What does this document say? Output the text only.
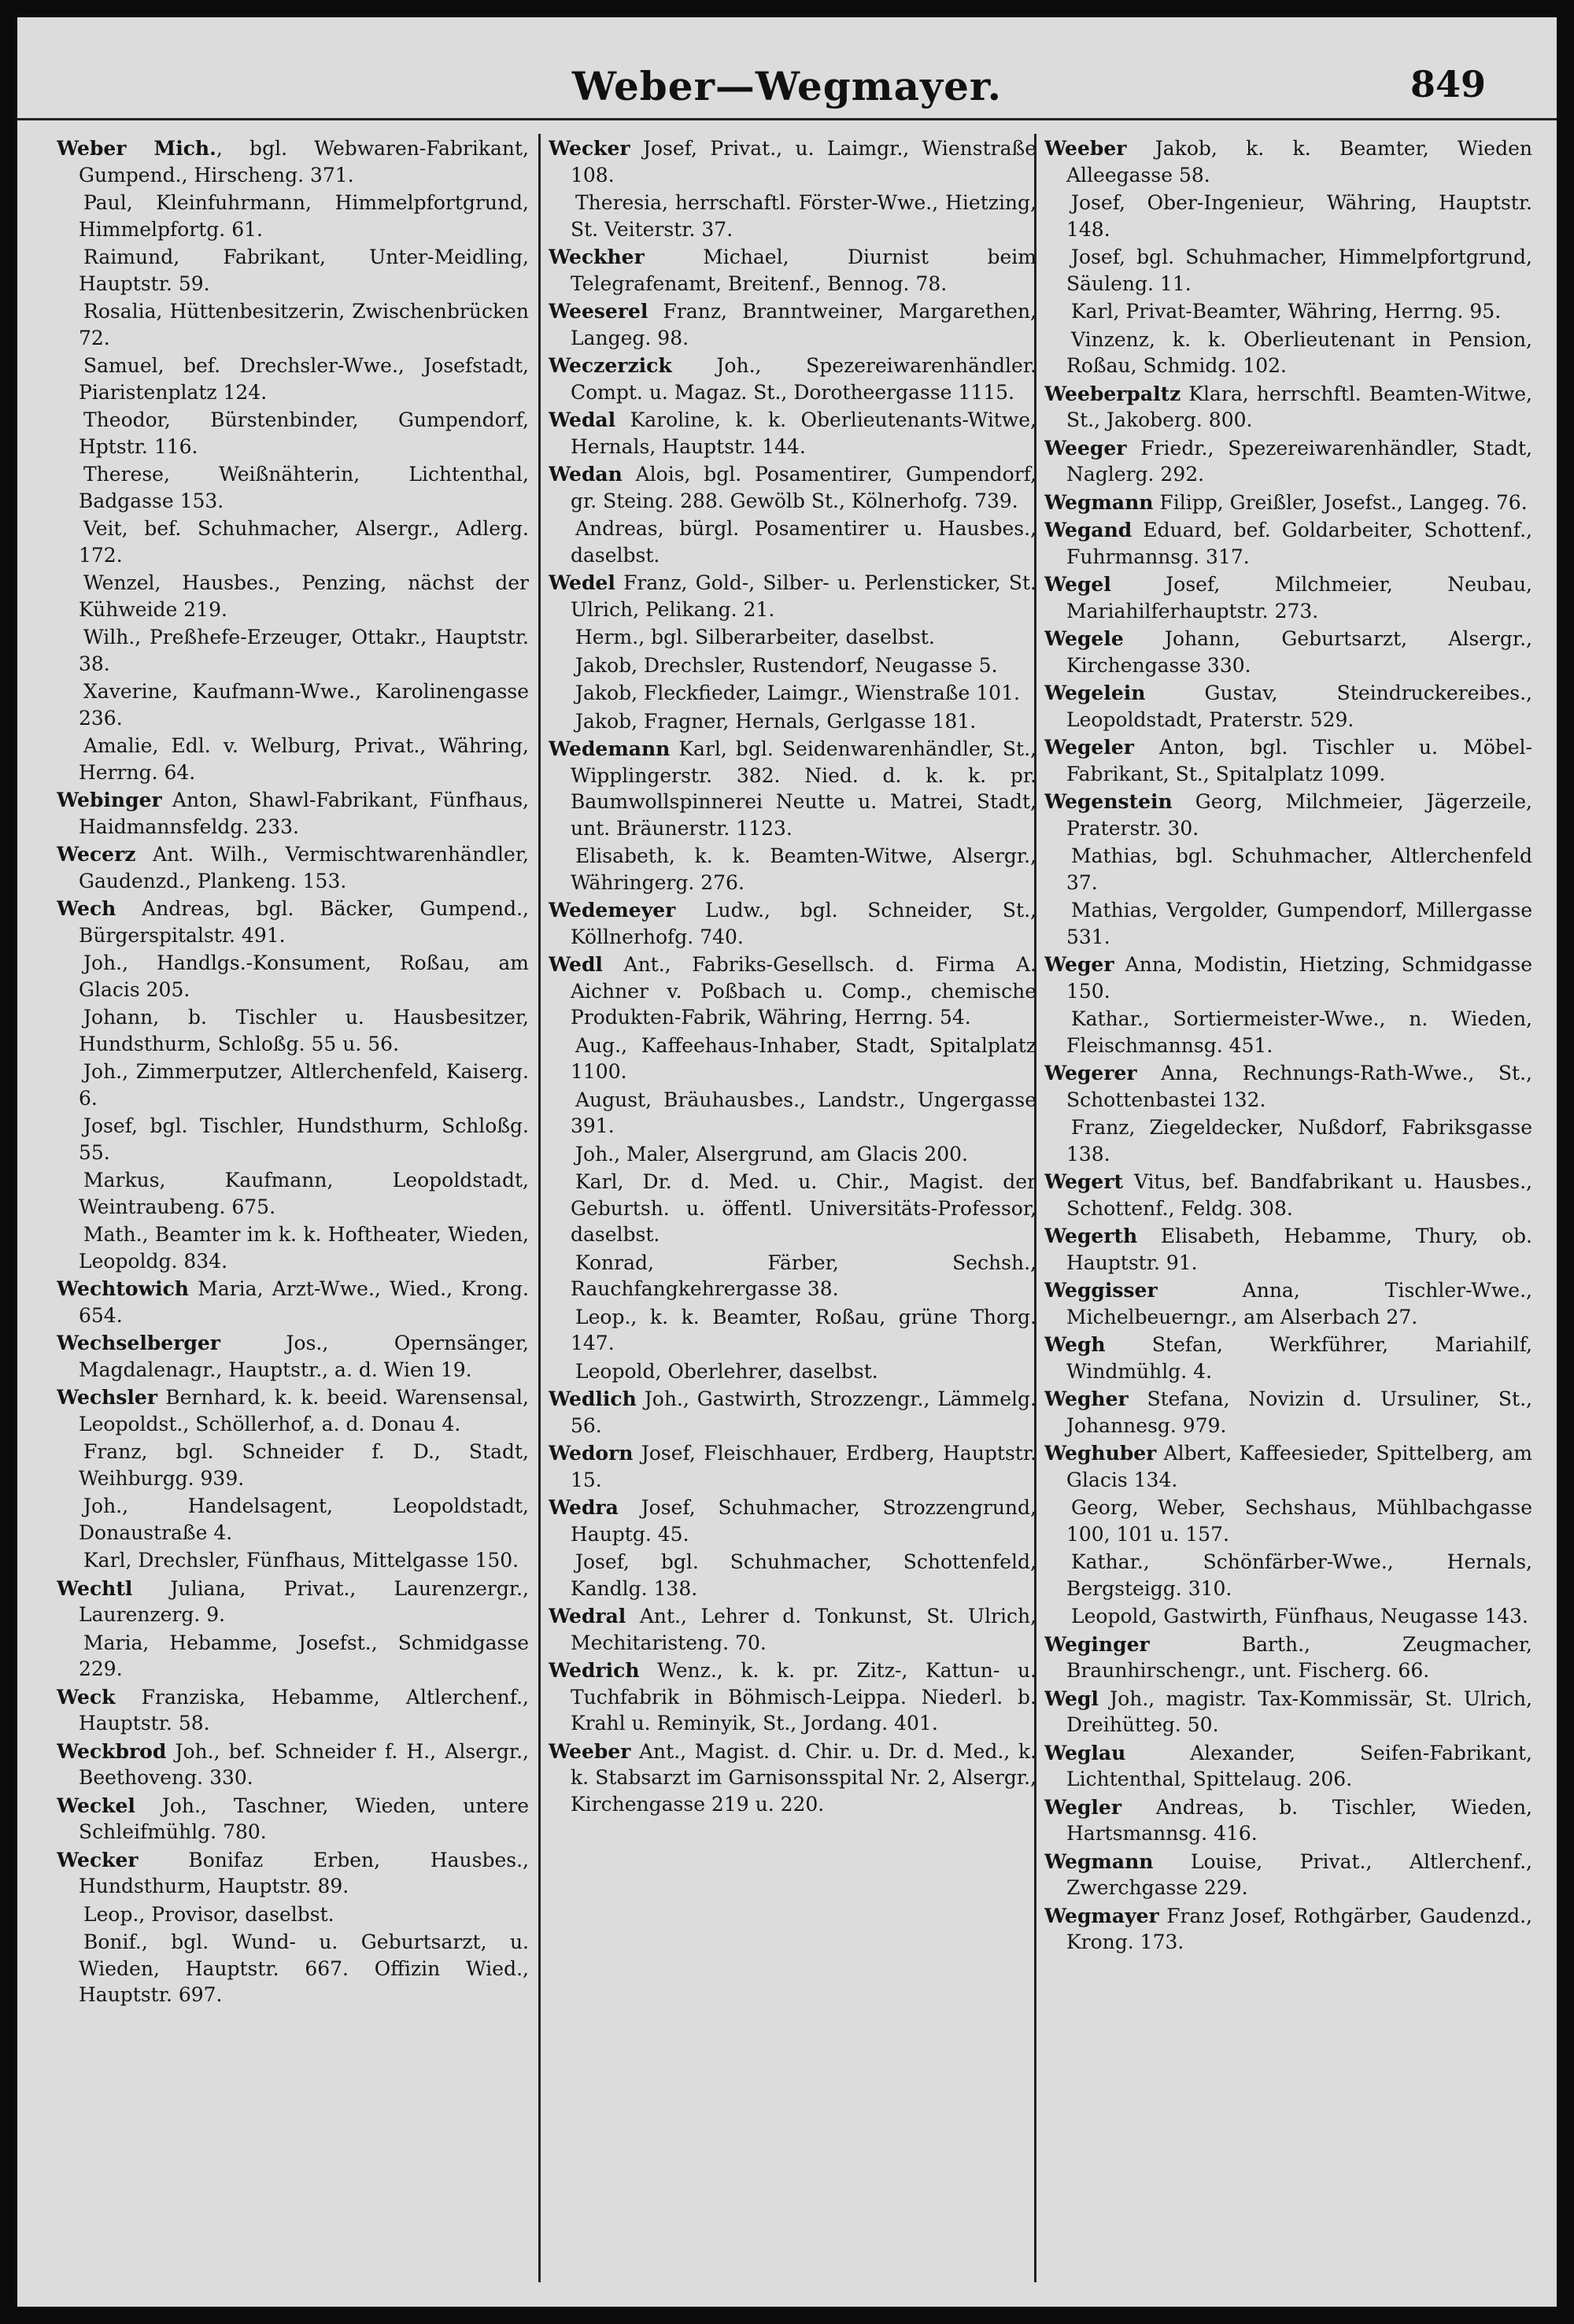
Weber—Wegmayer.	849
Weber Mich., bgl. Webwaren-Fabrikant, Gumpend., Hirscheng. 371.
Paul, Kleinfuhrmann, Himmelpfortgrund, Himmelpfortg. 61.
Raimund, Fabrikant, Unter-Meidling, Hauptstr. 59.
Rosalia, Hüttenbesitzerin, Zwischenbrücken 72.
Samuel, bef. Drechsler-Wwe., Josefstadt, Piaristenplatz 124.
Theodor, Bürstenbinder, Gumpendorf, Hptstr. 116.
Therese, Weißnähterin, Lichtenthal, Badgasse 153.
Veit, bef. Schuhmacher, Alsergr., Adlerg. 172.
Wenzel, Hausbes., Penzing, nächst der Kühweide 219.
Wilh., Preßhefe-Erzeuger, Ottakr., Hauptstr. 38.
Xaverine, Kaufmann-Wwe., Karolinengasse 236.
Amalie, Edl. v. Welburg, Privat., Währing, Herrng. 64.
Webinger Anton, Shawl-Fabrikant, Fünfhaus, Haidmannsfeldg. 233.
Wecerz Ant. Wilh., Vermischtwarenhändler, Gaudenzd., Plankeng. 153.
Wech Andreas, bgl. Bäcker, Gumpend., Bürgerspitalstr. 491.
Joh., Handlgs.-Konsument, Roßau, am Glacis 205.
Johann, b. Tischler u. Hausbesitzer, Hundsthurm, Schloßg. 55 u. 56.
Joh., Zimmerputzer, Altlerchenfeld, Kaiserg. 6.
Josef, bgl. Tischler, Hundsthurm, Schloßg. 55.
Markus, Kaufmann, Leopoldstadt, Weintraubeng. 675.
Math., Beamter im k. k. Hoftheater, Wieden, Leopoldg. 834.
Wechtowich Maria, Arzt-Wwe., Wied., Krong. 654.
Wechselberger Jos., Opernsänger, Magdalenagr., Hauptstr., a. d. Wien 19.
Wechsler Bernhard, k. k. beeid. Warensensal, Leopoldst., Schöllerhof, a. d. Donau 4.
Franz, bgl. Schneider f. D., Stadt, Weihburgg. 939.
Joh., Handelsagent, Leopoldstadt, Donaustraße 4.
Karl, Drechsler, Fünfhaus, Mittelgasse 150.
Wechtl Juliana, Privat., Laurenzergr., Laurenzerg. 9.
Maria, Hebamme, Josefst., Schmidgasse 229.
Weck Franziska, Hebamme, Altlerchenf., Hauptstr. 58.
Weckbrod Joh., bef. Schneider f. H., Alsergr., Beethoveng. 330.
Weckel Joh., Taschner, Wieden, untere Schleifmühlg. 780.
Wecker Bonifaz Erben, Hausbes., Hundsthurm, Hauptstr. 89.
Leop., Provisor, daselbst.
Bonif., bgl. Wund- u. Geburtsarzt, u. Wieden, Hauptstr. 667. Offizin Wied., Hauptstr. 697.
Wecker Josef, Privat., u. Laimgr., Wienstraße 108.
Theresia, herrschaftl. Förster-Wwe., Hietzing, St. Veiterstr. 37.
Weckher Michael, Diurnist beim Telegrafenamt, Breitenf., Bennog. 78.
Weeserel Franz, Branntweiner, Margarethen, Langeg. 98.
Weczerzick Joh., Spezereiwarenhändler. Compt. u. Magaz. St., Dorotheergasse 1115.
Wedal Karoline, k. k. Oberlieutenants-Witwe, Hernals, Hauptstr. 144.
Wedan Alois, bgl. Posamentirer, Gumpendorf, gr. Steing. 288. Gewölb St., Kölnerhofg. 739.
Andreas, bürgl. Posamentirer u. Hausbes., daselbst.
Wedel Franz, Gold-, Silber- u. Perlensticker, St. Ulrich, Pelikang. 21.
Herm., bgl. Silberarbeiter, daselbst.
Jakob, Drechsler, Rustendorf, Neugasse 5.
Jakob, Fleckfieder, Laimgr., Wienstraße 101.
Jakob, Fragner, Hernals, Gerlgasse 181.
Wedemann Karl, bgl. Seidenwarenhändler, St., Wipplingerstr. 382. Nied. d. k. k. pr. Baumwollspinnerei Neutte u. Matrei, Stadt, unt. Bräunerstr. 1123.
Elisabeth, k. k. Beamten-Witwe, Alsergr., Währingerg. 276.
Wedemeyer Ludw., bgl. Schneider, St., Köllnerhofg. 740.
Wedl Ant., Fabriks-Gesellsch. d. Firma A. Aichner v. Poßbach u. Comp., chemische Produkten-Fabrik, Währing, Herrng. 54.
Aug., Kaffeehaus-Inhaber, Stadt, Spitalplatz 1100.
August, Bräuhausbes., Landstr., Ungergasse 391.
Joh., Maler, Alsergrund, am Glacis 200.
Karl, Dr. d. Med. u. Chir., Magist. der Geburtsh. u. öffentl. Universitäts-Professor, daselbst.
Konrad, Färber, Sechsh., Rauchfangkehrergasse 38.
Leop., k. k. Beamter, Roßau, grüne Thorg. 147.
Leopold, Oberlehrer, daselbst.
Wedlich Joh., Gastwirth, Strozzengr., Lämmelg. 56.
Wedorn Josef, Fleischhauer, Erdberg, Hauptstr. 15.
Wedra Josef, Schuhmacher, Strozzengrund, Hauptg. 45.
Josef, bgl. Schuhmacher, Schottenfeld, Kandlg. 138.
Wedral Ant., Lehrer d. Tonkunst, St. Ulrich, Mechitaristeng. 70.
Wedrich Wenz., k. k. pr. Zitz-, Kattun- u. Tuchfabrik in Böhmisch-Leippa. Niederl. b. Krahl u. Reminyik, St., Jordang. 401.
Weeber Ant., Magist. d. Chir. u. Dr. d. Med., k. k. Stabsarzt im Garnisonsspital Nr. 2, Alsergr., Kirchengasse 219 u. 220.
Weeber Jakob, k. k. Beamter, Wieden Alleegasse 58.
Josef, Ober-Ingenieur, Währing, Hauptstr. 148.
Josef, bgl. Schuhmacher, Himmelpfortgrund, Säuleng. 11.
Karl, Privat-Beamter, Währing, Herrng. 95.
Vinzenz, k. k. Oberlieutenant in Pension, Roßau, Schmidg. 102.
Weeberpaltz Klara, herrschftl. Beamten-Witwe, St., Jakoberg. 800.
Weeger Friedr., Spezereiwarenhändler, Stadt, Naglerg. 292.
Wegmann Filipp, Greißler, Josefst., Langeg. 76.
Wegand Eduard, bef. Goldarbeiter, Schottenf., Fuhrmannsg. 317.
Wegel Josef, Milchmeier, Neubau, Mariahilferhauptstr. 273.
Wegele Johann, Geburtsarzt, Alsergr., Kirchengasse 330.
Wegelein Gustav, Steindruckereibes., Leopoldstadt, Praterstr. 529.
Wegeler Anton, bgl. Tischler u. Möbel-Fabrikant, St., Spitalplatz 1099.
Wegenstein Georg, Milchmeier, Jägerzeile, Praterstr. 30.
Mathias, bgl. Schuhmacher, Altlerchenfeld 37.
Mathias, Vergolder, Gumpendorf, Millergasse 531.
Weger Anna, Modistin, Hietzing, Schmidgasse 150.
Kathar., Sortiermeister-Wwe., n. Wieden, Fleischmannsg. 451.
Wegerer Anna, Rechnungs-Rath-Wwe., St., Schottenbastei 132.
Franz, Ziegeldecker, Nußdorf, Fabriksgasse 138.
Wegert Vitus, bef. Bandfabrikant u. Hausbes., Schottenf., Feldg. 308.
Wegerth Elisabeth, Hebamme, Thury, ob. Hauptstr. 91.
Weggisser Anna, Tischler-Wwe., Michelbeuerngr., am Alserbach 27.
Wegh Stefan, Werkführer, Mariahilf, Windmühlg. 4.
Wegher Stefana, Novizin d. Ursuliner, St., Johannesg. 979.
Weghuber Albert, Kaffeesieder, Spittelberg, am Glacis 134.
Georg, Weber, Sechshaus, Mühlbachgasse 100, 101 u. 157.
Kathar., Schönfärber-Wwe., Hernals, Bergsteigg. 310.
Leopold, Gastwirth, Fünfhaus, Neugasse 143.
Weginger Barth., Zeugmacher, Braunhirschengr., unt. Fischerg. 66.
Wegl Joh., magistr. Tax-Kommissär, St. Ulrich, Dreihütteg. 50.
Weglau Alexander, Seifen-Fabrikant, Lichtenthal, Spittelaug. 206.
Wegler Andreas, b. Tischler, Wieden, Hartsmannsg. 416.
Wegmann Louise, Privat., Altlerchenf., Zwerchgasse 229.
Wegmayer Franz Josef, Rothgärber, Gaudenzd., Krong. 173.
